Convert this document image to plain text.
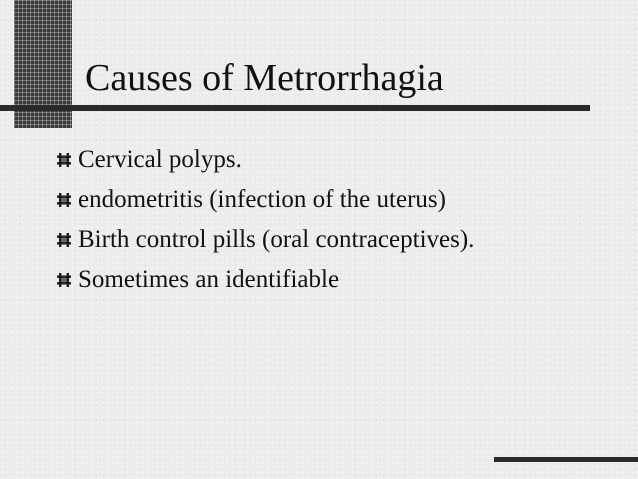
Causes of Metrorrhagia
Cervical polyps.
endometritis (infection of the uterus)
Birth control pills (oral contraceptives).
Sometimes an identifiable
